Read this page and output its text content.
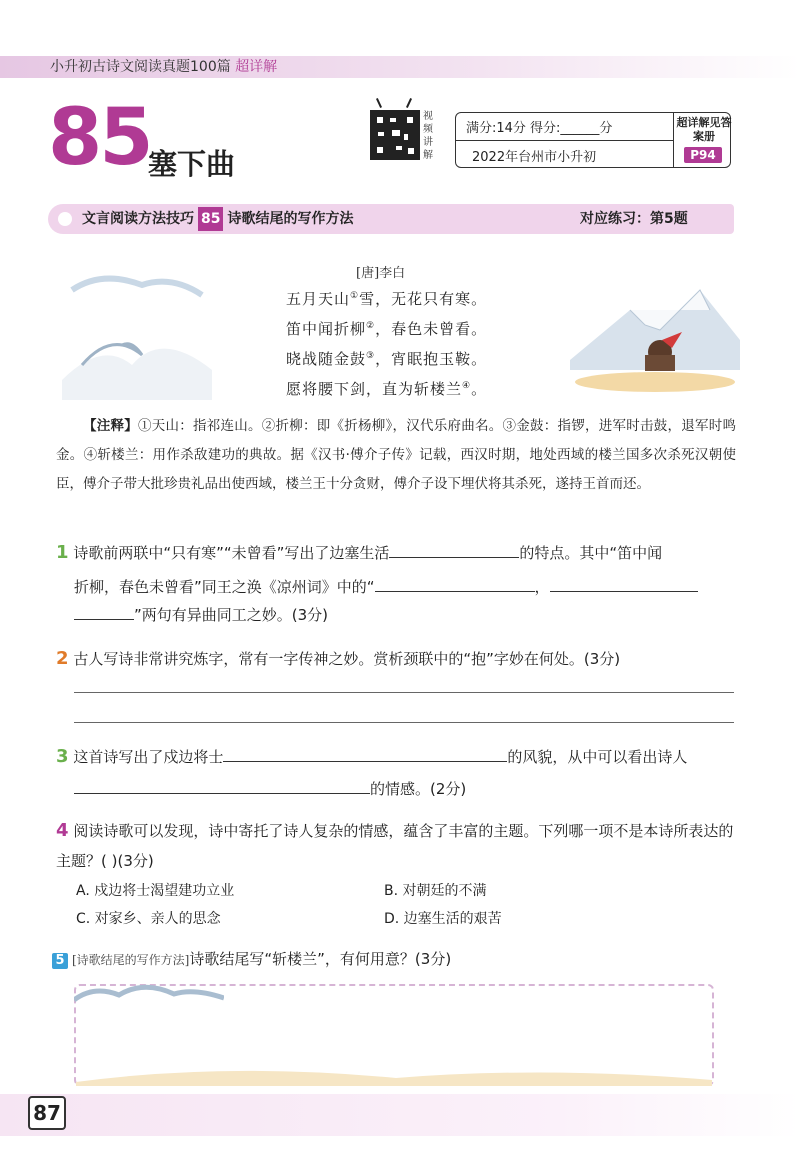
小升初古诗文阅读真题100篇 超详解
85
塞下曲
视频讲解
满分:14分 得分:______分
2022年台州市小升初
超详解见答案册
P94
文言阅读方法技巧 85 诗歌结尾的写作方法	对应练习：第5题
[唐]李白
五月天山①雪，无花只有寒。
笛中闻折柳②，春色未曾看。
晓战随金鼓③，宵眠抱玉鞍。
愿将腰下剑，直为斩楼兰④。
【注释】①天山：指祁连山。②折柳：即《折杨柳》，汉代乐府曲名。③金鼓：指锣，进军时击鼓，退军时鸣金。④斩楼兰：用作杀敌建功的典故。据《汉书·傅介子传》记载，西汉时期，地处西域的楼兰国多次杀死汉朝使臣，傅介子带大批珍贵礼品出使西域，楼兰王十分贪财，傅介子设下埋伏将其杀死，遂持王首而还。
1 诗歌前两联中“只有寒”“未曾看”写出了边塞生活	的特点。其中“笛中闻
折柳，春色未曾看”同王之涣《凉州词》中的“	，
”两句有异曲同工之妙。(3分)
2 古人写诗非常讲究炼字，常有一字传神之妙。赏析颈联中的“抱”字妙在何处。(3分)
3 这首诗写出了戍边将士	的风貌，从中可以看出诗人
的情感。(2分)
4 阅读诗歌可以发现，诗中寄托了诗人复杂的情感，蕴含了丰富的主题。下列哪一项不是本诗所表达的主题？( )(3分)
A. 戍边将士渴望建功立业	B. 对朝廷的不满
C. 对家乡、亲人的思念	D. 边塞生活的艰苦
5 [诗歌结尾的写作方法]诗歌结尾写“斩楼兰”，有何用意？(3分)
87
